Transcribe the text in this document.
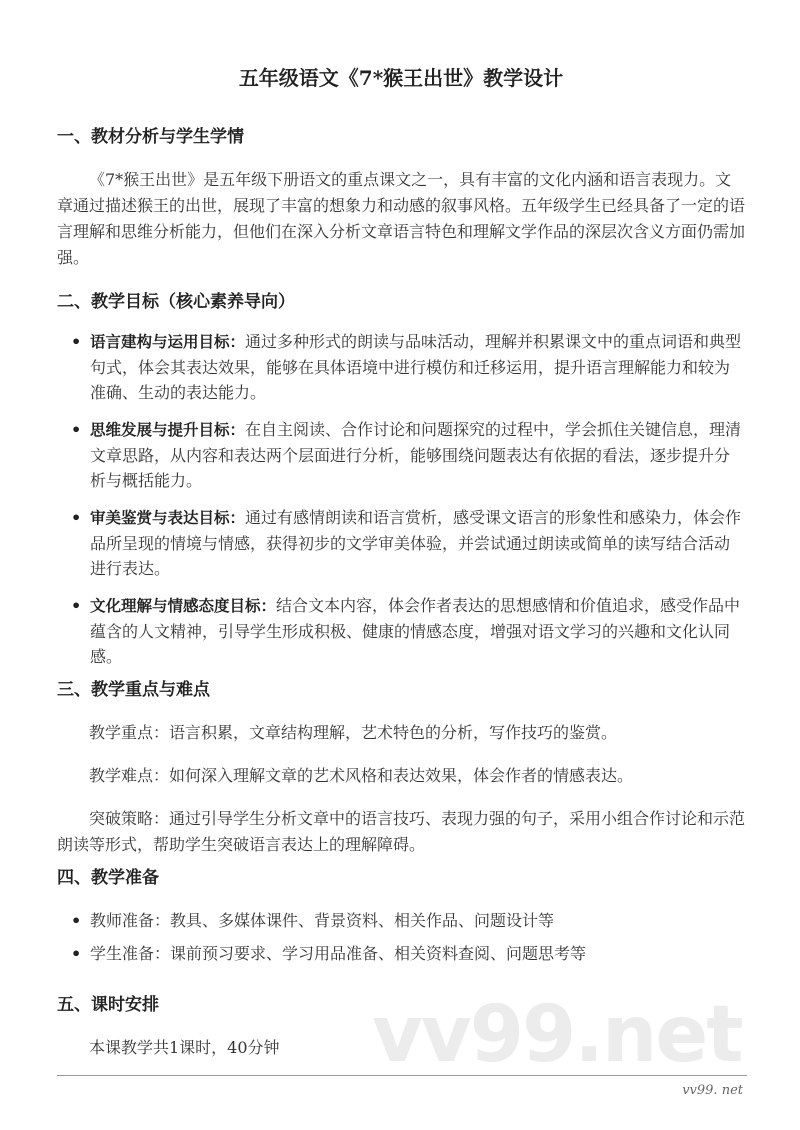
vv99.net
五年级语文《7*猴王出世》教学设计
一、教材分析与学生学情

《7*猴王出世》是五年级下册语文的重点课文之一，具有丰富的文化内涵和语言表现力。文章通过描述猴王的出世，展现了丰富的想象力和动感的叙事风格。五年级学生已经具备了一定的语言理解和思维分析能力，但他们在深入分析文章语言特色和理解文学作品的深层次含义方面仍需加强。

二、教学目标（核心素养导向）
• 语言建构与运用目标：通过多种形式的朗读与品味活动，理解并积累课文中的重点词语和典型句式，体会其表达效果，能够在具体语境中进行模仿和迁移运用，提升语言理解能力和较为准确、生动的表达能力。
• 思维发展与提升目标：在自主阅读、合作讨论和问题探究的过程中，学会抓住关键信息，理清文章思路，从内容和表达两个层面进行分析，能够围绕问题表达有依据的看法，逐步提升分析与概括能力。
• 审美鉴赏与表达目标：通过有感情朗读和语言赏析，感受课文语言的形象性和感染力，体会作品所呈现的情境与情感，获得初步的文学审美体验，并尝试通过朗读或简单的读写结合活动进行表达。
• 文化理解与情感态度目标：结合文本内容，体会作者表达的思想感情和价值追求，感受作品中蕴含的人文精神，引导学生形成积极、健康的情感态度，增强对语文学习的兴趣和文化认同感。
三、教学重点与难点

教学重点：语言积累，文章结构理解，艺术特色的分析，写作技巧的鉴赏。

教学难点：如何深入理解文章的艺术风格和表达效果，体会作者的情感表达。

突破策略：通过引导学生分析文章中的语言技巧、表现力强的句子，采用小组合作讨论和示范朗读等形式，帮助学生突破语言表达上的理解障碍。

四、教学准备
• 教师准备：教具、多媒体课件、背景资料、相关作品、问题设计等
• 学生准备：课前预习要求、学习用品准备、相关资料查阅、问题思考等
五、课时安排

本课教学共1课时，40分钟

vv99. net
